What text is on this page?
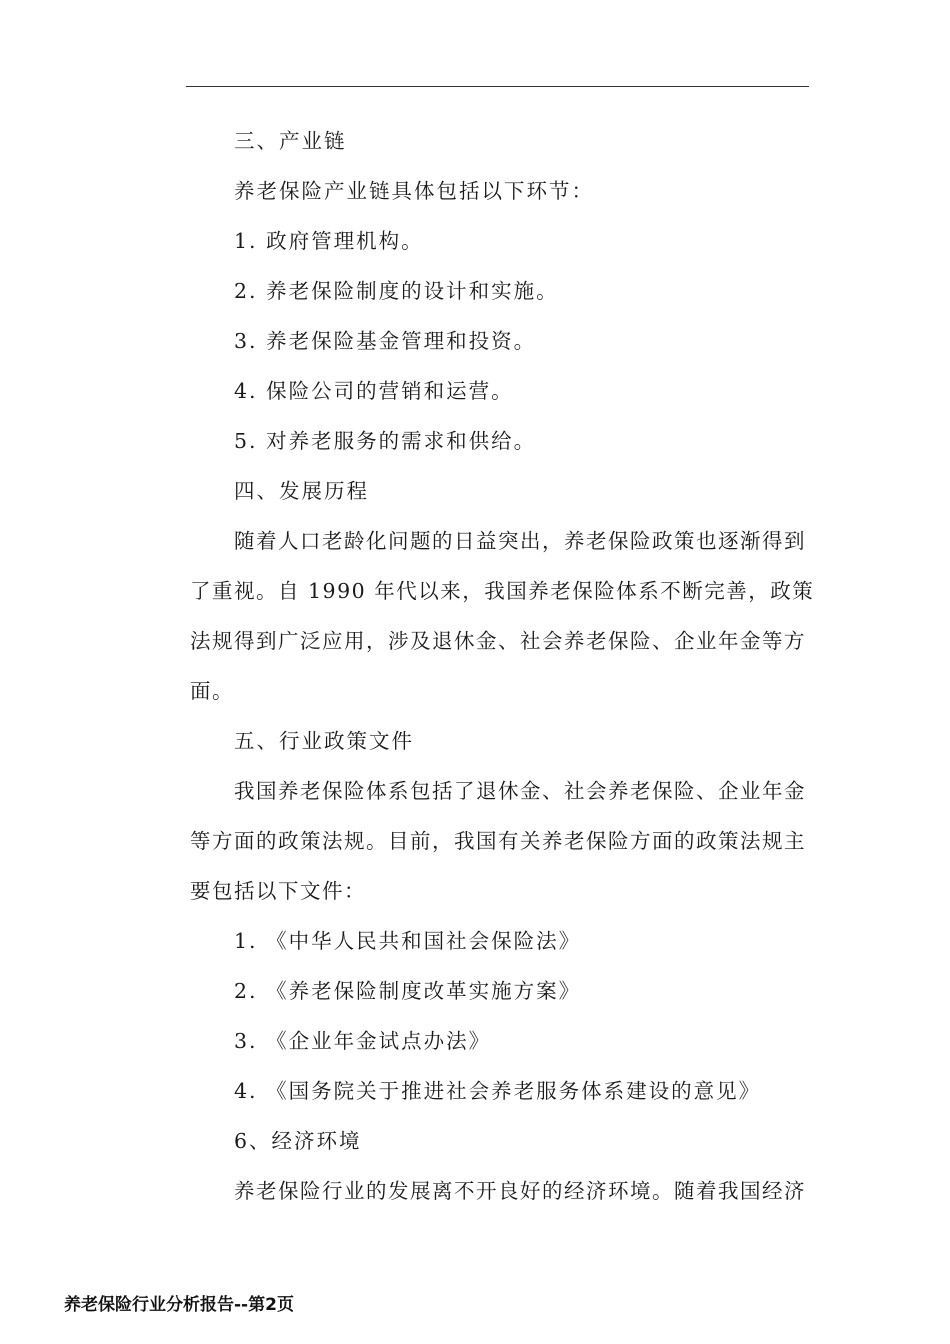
三、产业链

养老保险产业链具体包括以下环节：

1. 政府管理机构。

2. 养老保险制度的设计和实施。

3. 养老保险基金管理和投资。

4. 保险公司的营销和运营。

5. 对养老服务的需求和供给。

四、发展历程

随着人口老龄化问题的日益突出，养老保险政策也逐渐得到
了重视。自 1990 年代以来，我国养老保险体系不断完善，政策
法规得到广泛应用，涉及退休金、社会养老保险、企业年金等方
面。

五、行业政策文件

我国养老保险体系包括了退休金、社会养老保险、企业年金
等方面的政策法规。目前，我国有关养老保险方面的政策法规主
要包括以下文件：

1. 《中华人民共和国社会保险法》

2. 《养老保险制度改革实施方案》

3. 《企业年金试点办法》

4. 《国务院关于推进社会养老服务体系建设的意见》

6、经济环境

养老保险行业的发展离不开良好的经济环境。随着我国经济
养老保险行业分析报告--第2页
